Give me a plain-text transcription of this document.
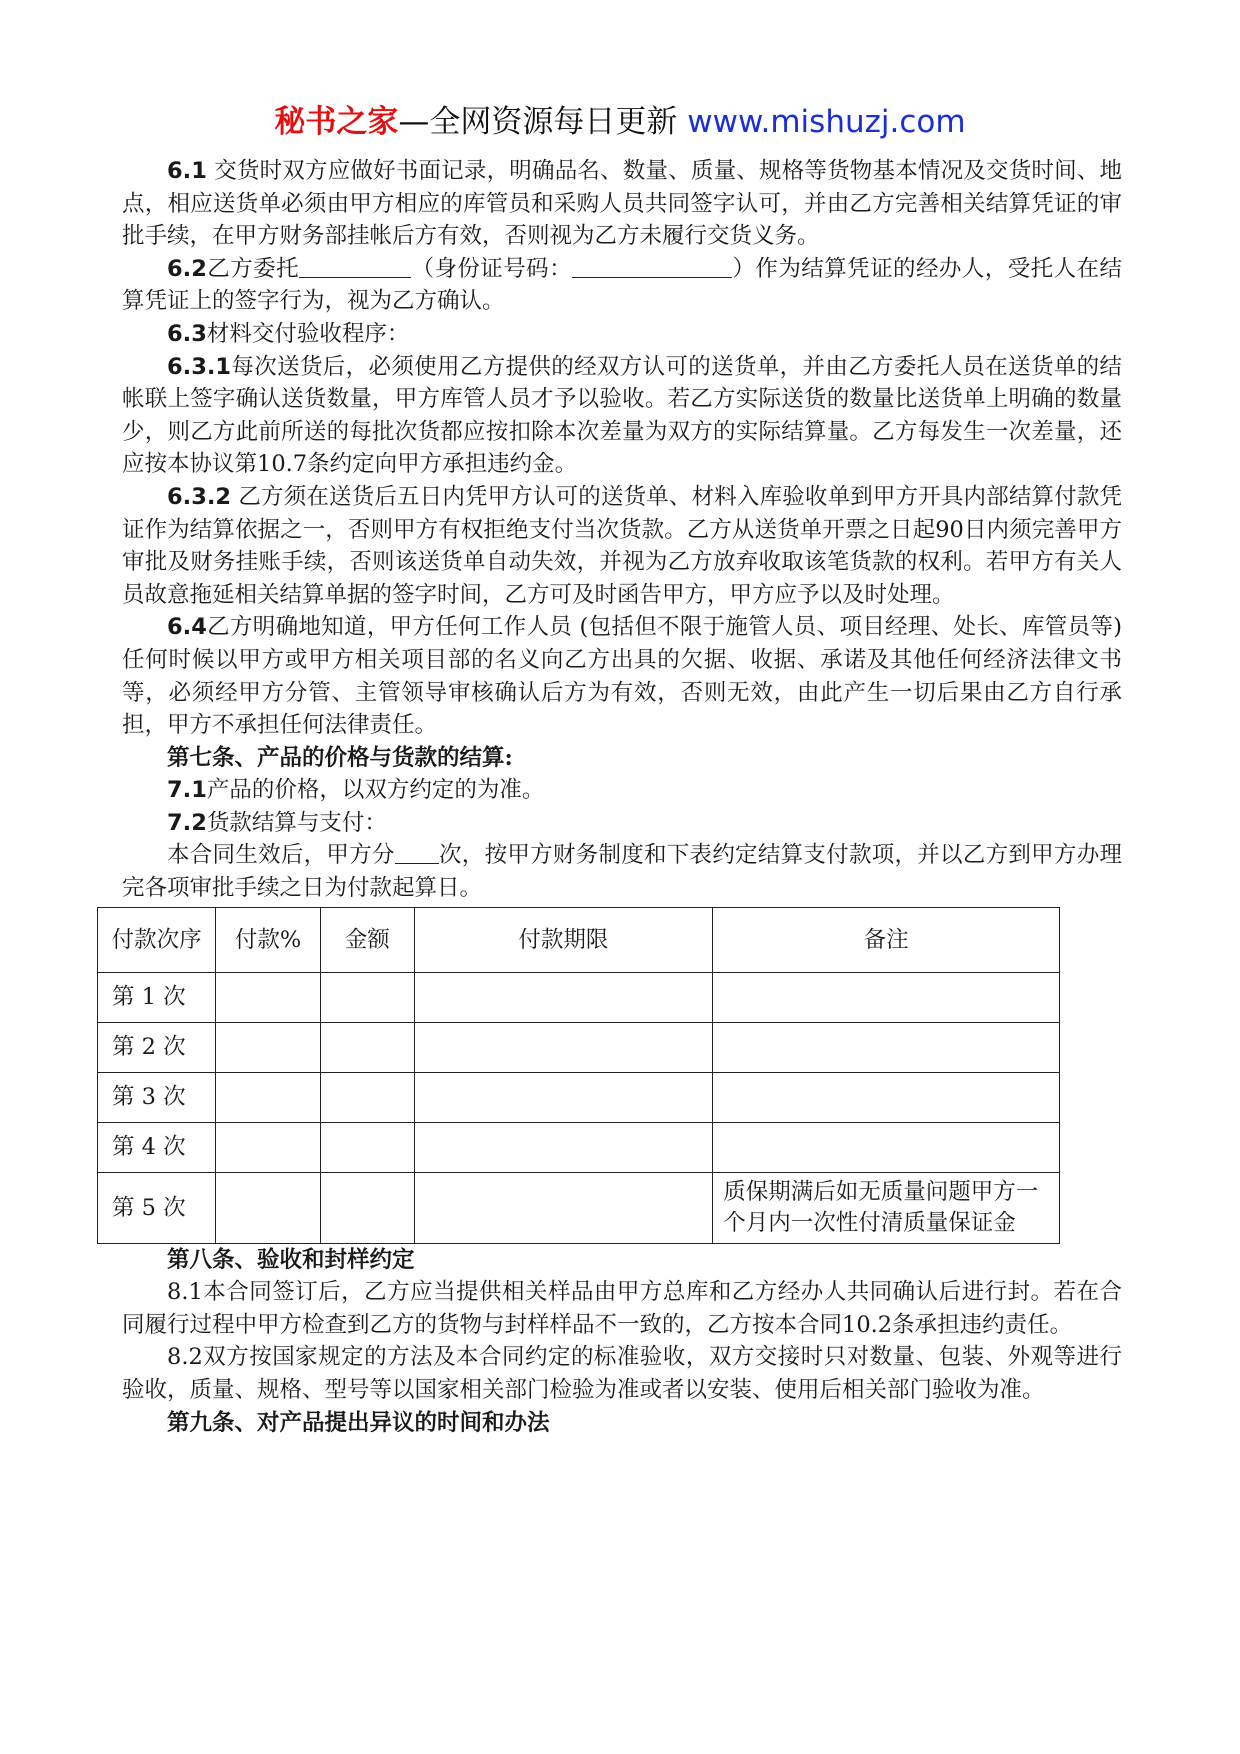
秘书之家—全网资源每日更新 www.mishuzj.com

6.1 交货时双方应做好书面记录，明确品名、数量、质量、规格等货物基本情况及交货时间、地点，相应送货单必须由甲方相应的库管员和采购人员共同签字认可，并由乙方完善相关结算凭证的审批手续，在甲方财务部挂帐后方有效，否则视为乙方未履行交货义务。

6.2乙方委托	（身份证号码：	）作为结算凭证的经办人，受托人在结算凭证上的签字行为，视为乙方确认。

6.3材料交付验收程序：

6.3.1每次送货后，必须使用乙方提供的经双方认可的送货单，并由乙方委托人员在送货单的结帐联上签字确认送货数量，甲方库管人员才予以验收。若乙方实际送货的数量比送货单上明确的数量少，则乙方此前所送的每批次货都应按扣除本次差量为双方的实际结算量。乙方每发生一次差量，还应按本协议第10.7条约定向甲方承担违约金。

6.3.2 乙方须在送货后五日内凭甲方认可的送货单、材料入库验收单到甲方开具内部结算付款凭证作为结算依据之一，否则甲方有权拒绝支付当次货款。乙方从送货单开票之日起90日内须完善甲方审批及财务挂账手续，否则该送货单自动失效，并视为乙方放弃收取该笔货款的权利。若甲方有关人员故意拖延相关结算单据的签字时间，乙方可及时函告甲方，甲方应予以及时处理。

6.4乙方明确地知道，甲方任何工作人员 (包括但不限于施管人员、项目经理、处长、库管员等)任何时候以甲方或甲方相关项目部的名义向乙方出具的欠据、收据、承诺及其他任何经济法律文书等，必须经甲方分管、主管领导审核确认后方为有效，否则无效，由此产生一切后果由乙方自行承担，甲方不承担任何法律责任。

第七条、产品的价格与货款的结算:

7.1产品的价格，以双方约定的为准。

7.2货款结算与支付：

本合同生效后，甲方分 次，按甲方财务制度和下表约定结算支付款项，并以乙方到甲方办理完各项审批手续之日为付款起算日。

付款次序	付款%	金额	付款期限	备注
第 1 次				
第 2 次				
第 3 次				
第 4 次				
第 5 次				质保期满后如无质量问题甲方一个月内一次性付清质量保证金

第八条、验收和封样约定

8.1本合同签订后，乙方应当提供相关样品由甲方总库和乙方经办人共同确认后进行封。若在合同履行过程中甲方检查到乙方的货物与封样样品不一致的，乙方按本合同10.2条承担违约责任。

8.2双方按国家规定的方法及本合同约定的标准验收，双方交接时只对数量、包装、外观等进行验收，质量、规格、型号等以国家相关部门检验为准或者以安装、使用后相关部门验收为准。

第九条、对产品提出异议的时间和办法
